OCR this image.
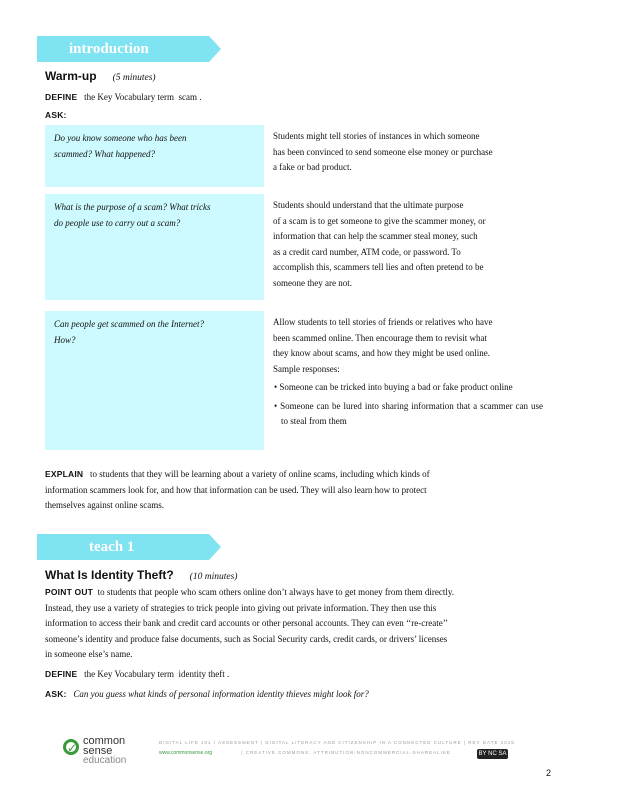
introduction
Warm-up (5 minutes)
DEFINE the Key Vocabulary term scam .
ASK:
Do you know someone who has been
scammed? What happened?
Students might tell stories of instances in which someone
has been convinced to send someone else money or purchase
a fake or bad product.
What is the purpose of a scam? What tricks
do people use to carry out a scam?
Students should understand that the ultimate purpose
of a scam is to get someone to give the scammer money, or
information that can help the scammer steal money, such
as a credit card number, ATM code, or password. To
accomplish this, scammers tell lies and often pretend to be
someone they are not.
Can people get scammed on the Internet?
How?
Allow students to tell stories of friends or relatives who have
been scammed online. Then encourage them to revisit what
they know about scams, and how they might be used online.
Sample responses:
• Someone can be tricked into buying a bad or fake product online
• Someone can be lured into sharing information that a scammer can use to steal from them
EXPLAIN to students that they will be learning about a variety of online scams, including which kinds of
information scammers look for, and how that information can be used. They will also learn how to protect
themselves against online scams.
teach 1
What Is Identity Theft? (10 minutes)
POINT OUT to students that people who scam others online don’t always have to get money from them directly.
Instead, they use a variety of strategies to trick people into giving out private information. They then use this
information to access their bank and credit card accounts or other personal accounts. They can even ‘‘re-create’’
someone’s identity and produce false documents, such as Social Security cards, credit cards, or drivers’ licenses
in someone else’s name.
DEFINE the Key Vocabulary term identity theft .
ASK: Can you guess what kinds of personal information identity thieves might look for?
✓ common
sense
education
DIGITAL LIFE 101 / ASSESSMENT | DIGITAL LITERACY AND CITIZENSHIP IN A CONNECTED CULTURE | REV DATE 2015
www.commonsense.org	| CREATIVE COMMONS: ATTRIBUTION-NONCOMMERCIAL-SHAREALIKE	BY NC SA
2
